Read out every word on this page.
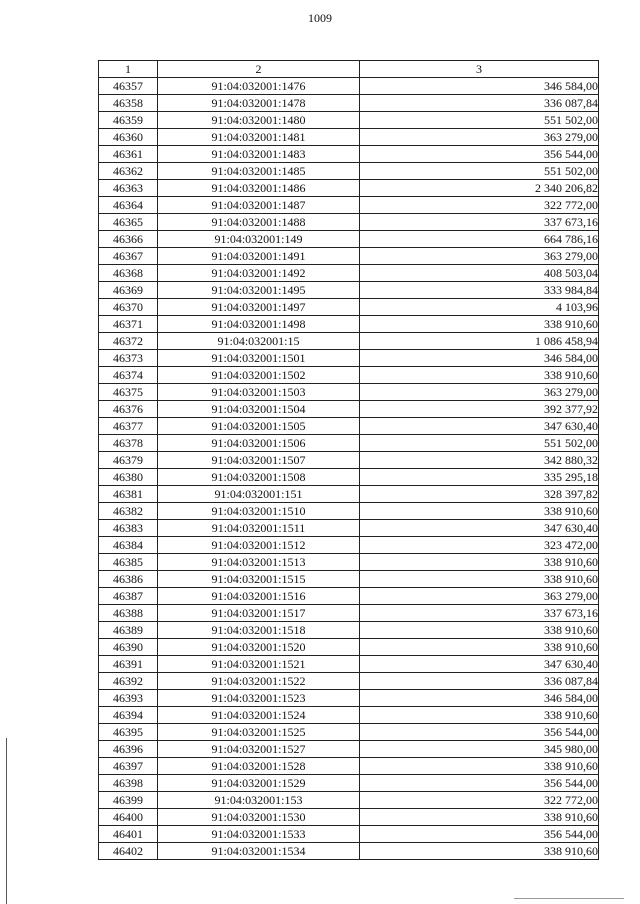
1009
1	2	3
46357	91:04:032001:1476	346 584,00
46358	91:04:032001:1478	336 087,84
46359	91:04:032001:1480	551 502,00
46360	91:04:032001:1481	363 279,00
46361	91:04:032001:1483	356 544,00
46362	91:04:032001:1485	551 502,00
46363	91:04:032001:1486	2 340 206,82
46364	91:04:032001:1487	322 772,00
46365	91:04:032001:1488	337 673,16
46366	91:04:032001:149	664 786,16
46367	91:04:032001:1491	363 279,00
46368	91:04:032001:1492	408 503,04
46369	91:04:032001:1495	333 984,84
46370	91:04:032001:1497	4 103,96
46371	91:04:032001:1498	338 910,60
46372	91:04:032001:15	1 086 458,94
46373	91:04:032001:1501	346 584,00
46374	91:04:032001:1502	338 910,60
46375	91:04:032001:1503	363 279,00
46376	91:04:032001:1504	392 377,92
46377	91:04:032001:1505	347 630,40
46378	91:04:032001:1506	551 502,00
46379	91:04:032001:1507	342 880,32
46380	91:04:032001:1508	335 295,18
46381	91:04:032001:151	328 397,82
46382	91:04:032001:1510	338 910,60
46383	91:04:032001:1511	347 630,40
46384	91:04:032001:1512	323 472,00
46385	91:04:032001:1513	338 910,60
46386	91:04:032001:1515	338 910,60
46387	91:04:032001:1516	363 279,00
46388	91:04:032001:1517	337 673,16
46389	91:04:032001:1518	338 910,60
46390	91:04:032001:1520	338 910,60
46391	91:04:032001:1521	347 630,40
46392	91:04:032001:1522	336 087,84
46393	91:04:032001:1523	346 584,00
46394	91:04:032001:1524	338 910,60
46395	91:04:032001:1525	356 544,00
46396	91:04:032001:1527	345 980,00
46397	91:04:032001:1528	338 910,60
46398	91:04:032001:1529	356 544,00
46399	91:04:032001:153	322 772,00
46400	91:04:032001:1530	338 910,60
46401	91:04:032001:1533	356 544,00
46402	91:04:032001:1534	338 910,60
